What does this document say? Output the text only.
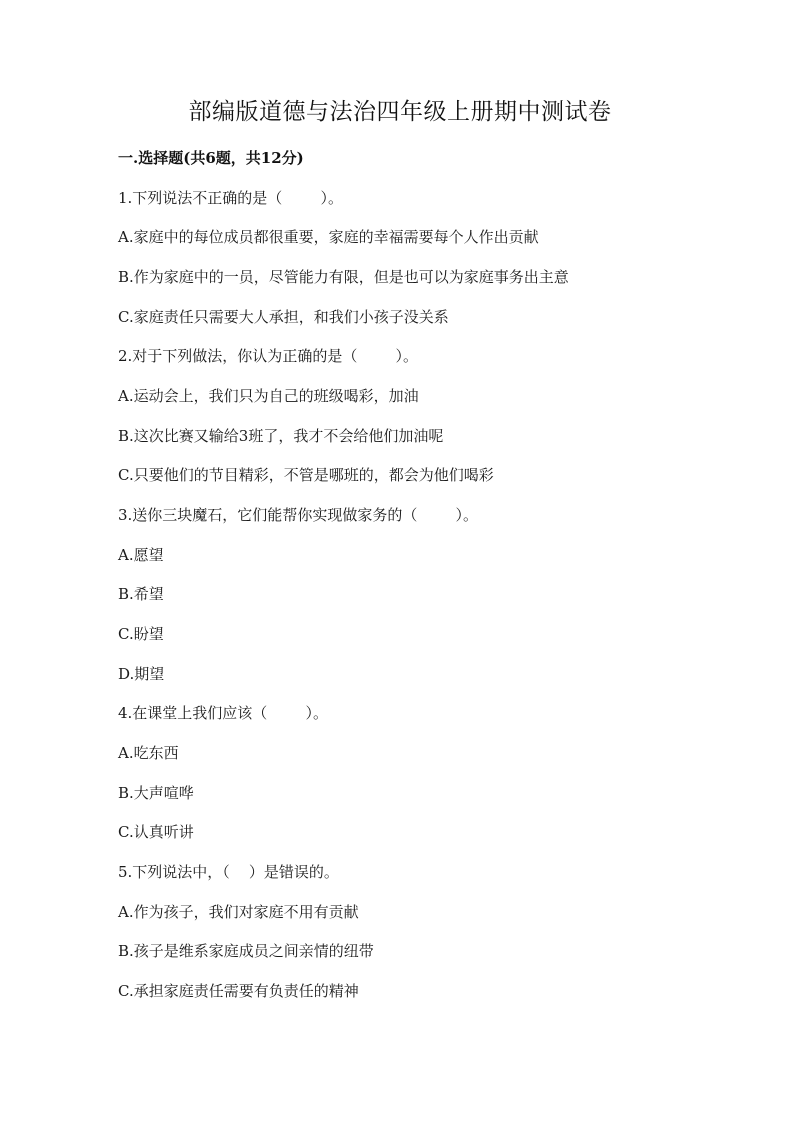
部编版道德与法治四年级上册期中测试卷
一.选择题(共6题，共12分)
1.下列说法不正确的是（        ）。
A.家庭中的每位成员都很重要，家庭的幸福需要每个人作出贡献
B.作为家庭中的一员，尽管能力有限，但是也可以为家庭事务出主意
C.家庭责任只需要大人承担，和我们小孩子没关系
2.对于下列做法，你认为正确的是（        ）。
A.运动会上，我们只为自己的班级喝彩，加油
B.这次比赛又输给3班了，我才不会给他们加油呢
C.只要他们的节目精彩，不管是哪班的，都会为他们喝彩
3.送你三块魔石，它们能帮你实现做家务的（        ）。
A.愿望
B.希望
C.盼望
D.期望
4.在课堂上我们应该（        ）。
A.吃东西
B.大声喧哗
C.认真听讲
5.下列说法中，（    ）是错误的。
A.作为孩子，我们对家庭不用有贡献
B.孩子是维系家庭成员之间亲情的纽带
C.承担家庭责任需要有负责任的精神
